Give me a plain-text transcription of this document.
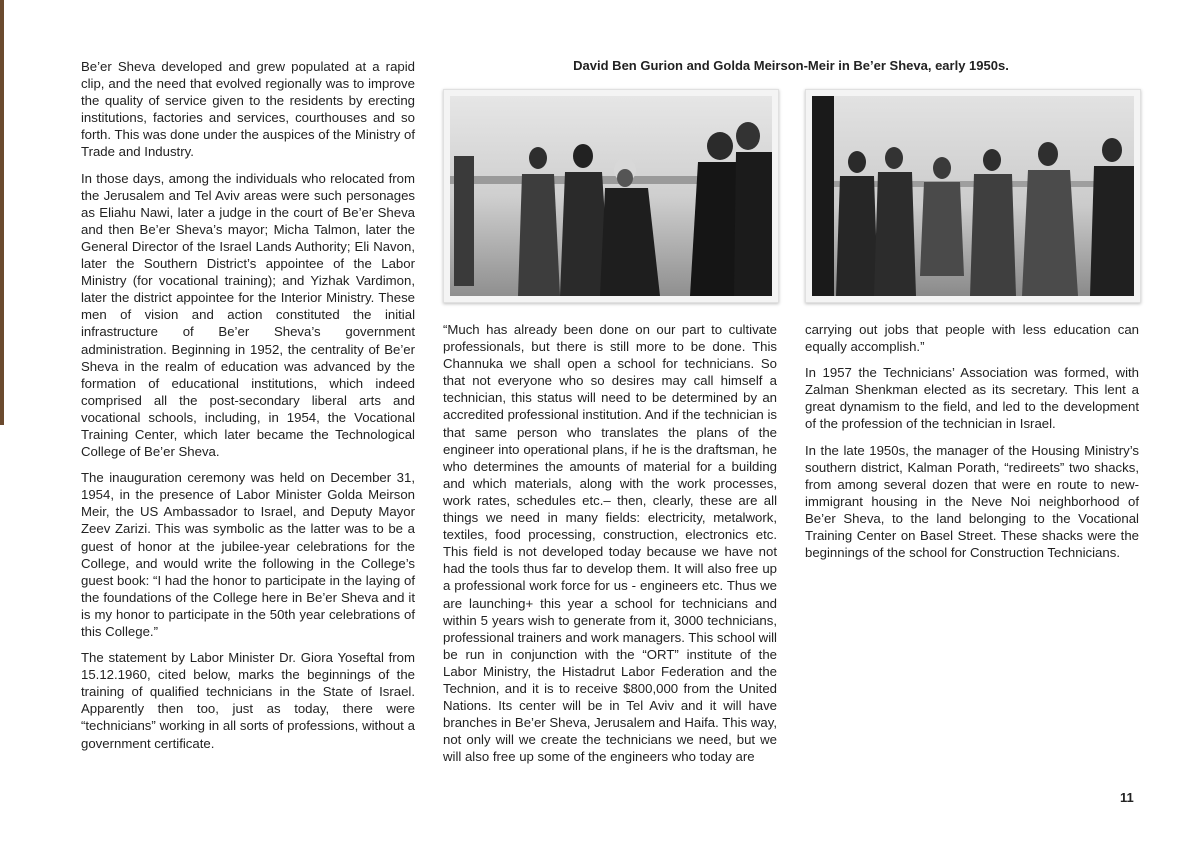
Be’er Sheva developed and grew populated at a rapid clip, and the need that evolved regionally was to improve the quality of service given to the residents by erecting institutions, factories and services, courthouses and so forth. This was done under the auspices of the Ministry of Trade and Industry.

In those days, among the individuals who relocated from the Jerusalem and Tel Aviv areas were such personages as Eliahu Nawi, later a judge in the court of Be’er Sheva and then Be’er Sheva’s mayor; Micha Talmon, later the General Director of the Israel Lands Authority; Eli Navon, later the Southern District’s appointee of the Labor Ministry (for vocational training); and Yizhak Vardimon, later the district appointee for the Interior Ministry. These men of vision and action constituted the initial infrastructure of Be’er Sheva’s government administration. Beginning in 1952, the centrality of Be’er Sheva in the realm of education was advanced by the formation of educational institutions, which indeed comprised all the post-secondary liberal arts and vocational schools, including, in 1954, the Vocational Training Center, which later became the Technological College of Be’er Sheva.

The inauguration ceremony was held on December 31, 1954, in the presence of Labor Minister Golda Meirson Meir, the US Ambassador to Israel, and Deputy Mayor Zeev Zarizi. This was symbolic as the latter was to be a guest of honor at the jubilee-year celebrations for the College, and would write the following in the College’s guest book: “I had the honor to participate in the laying of the foundations of the College here in Be’er Sheva and it is my honor to participate in the 50th year celebrations of this College.”

The statement by Labor Minister Dr. Giora Yoseftal from 15.12.1960, cited below, marks the beginnings of the training of qualified technicians in the State of Israel. Apparently then too, just as today, there were “technicians” working in all sorts of professions, without a government certificate.

David Ben Gurion and Golda Meirson-Meir in Be’er Sheva, early 1950s.

“Much has already been done on our part to cultivate professionals, but there is still more to be done. This Channuka we shall open a school for technicians. So that not everyone who so desires may call himself a technician, this status will need to be determined by an accredited professional institution. And if the technician is that same person who translates the plans of the engineer into operational plans, if he is the draftsman, he who determines the amounts of material for a building and which materials, along with the work processes, work rates, schedules etc.– then, clearly, these are all things we need in many fields: electricity, metalwork, textiles, food processing, construction, electronics etc. This field is not developed today because we have not had the tools thus far to develop them. It will also free up a professional work force for us - engineers etc. Thus we are launching+ this year a school for technicians and within 5 years wish to generate from it, 3000 technicians, professional trainers and work managers. This school will be run in conjunction with the “ORT” institute of the Labor Ministry, the Histadrut Labor Federation and the Technion, and it is to receive $800,000 from the United Nations. Its center will be in Tel Aviv and it will have branches in Be’er Sheva, Jerusalem and Haifa. This way, not only will we create the technicians we need, but we will also free up some of the engineers who today are

carrying out jobs that people with less education can equally accomplish.”

In 1957 the Technicians’ Association was formed, with Zalman Shenkman elected as its secretary. This lent a great dynamism to the field, and led to the development of the profession of the technician in Israel.

In the late 1950s, the manager of the Housing Ministry’s southern district, Kalman Porath, “redireets” two shacks, from among several dozen that were en route to new-immigrant housing in the Neve Noi neighborhood of Be’er Sheva, to the land belonging to the Vocational Training Center on Basel Street. These shacks were the beginnings of the school for Construction Technicians.

11
